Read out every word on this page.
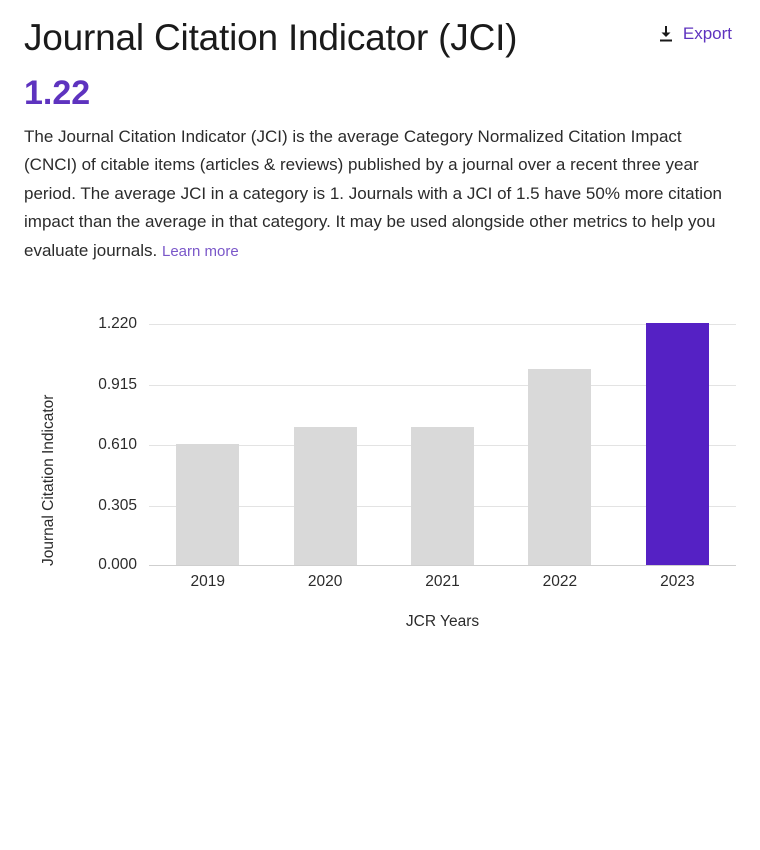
Journal Citation Indicator (JCI)	Export
1.22

The Journal Citation Indicator (JCI) is the average Category Normalized Citation Impact (CNCI) of citable items (articles & reviews) published by a journal over a recent three year period. The average JCI in a category is 1. Journals with a JCI of 1.5 have 50% more citation impact than the average in that category. It may be used alongside other metrics to help you evaluate journals. Learn more

Journal Citation Indicator
1.220
0.915
0.610
0.305
0.000
2019	2020	2021	2022	2023
JCR Years
